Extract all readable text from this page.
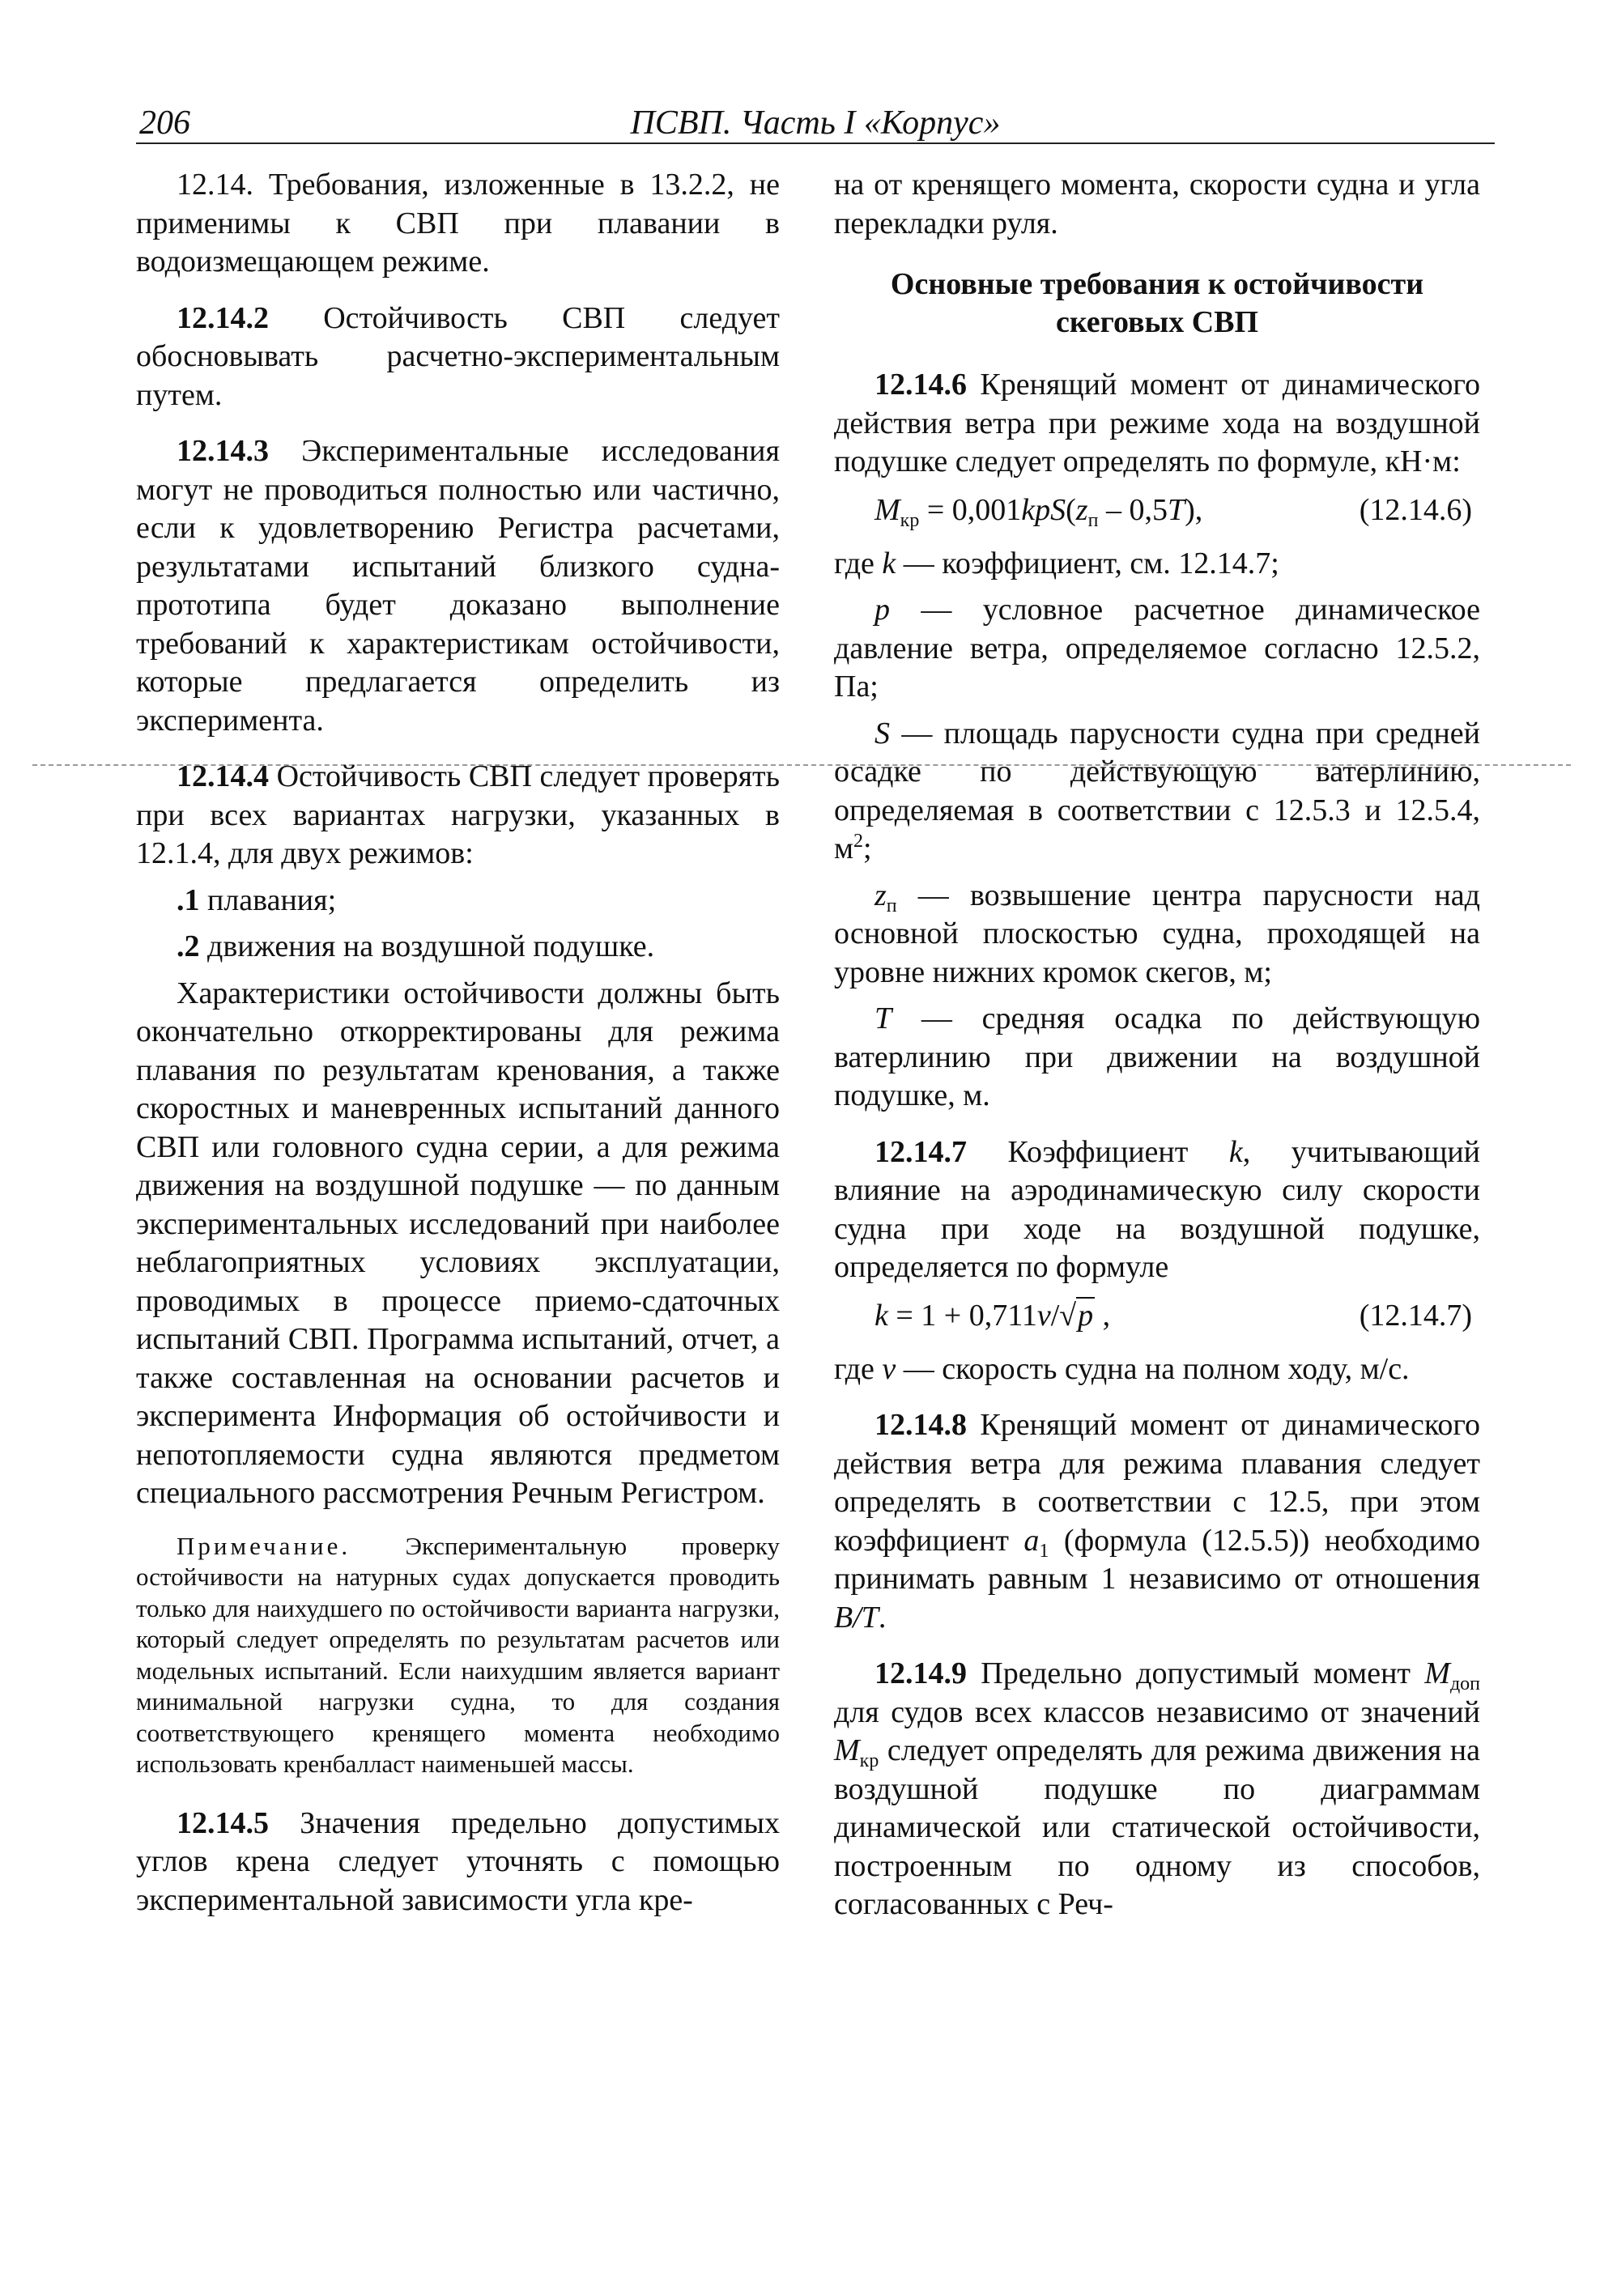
206	ПСВП. Часть I «Корпус»

12.14. Требования, изложенные в 13.2.2, не применимы к СВП при плавании в водоизмещающем режиме.

12.14.2 Остойчивость СВП следует обосновывать расчетно-экспериментальным путем.

12.14.3 Экспериментальные исследования могут не проводиться полностью или частично, если к удовлетворению Регистра расчетами, результатами испытаний близкого судна-прототипа будет доказано выполнение требований к характеристикам остойчивости, которые предлагается определить из эксперимента.

12.14.4 Остойчивость СВП следует проверять при всех вариантах нагрузки, указанных в 12.1.4, для двух режимов:

.1 плавания;

.2 движения на воздушной подушке.

Характеристики остойчивости должны быть окончательно откорректированы для режима плавания по результатам кренования, а также скоростных и маневренных испытаний данного СВП или головного судна серии, а для режима движения на воздушной подушке — по данным экспериментальных исследований при наиболее неблагоприятных условиях эксплуатации, проводимых в процессе приемо-сдаточных испытаний СВП. Программа испытаний, отчет, а также составленная на основании расчетов и эксперимента Информация об остойчивости и непотопляемости судна являются предметом специального рассмотрения Речным Регистром.

Примечание. Экспериментальную проверку остойчивости на натурных судах допускается проводить только для наихудшего по остойчивости варианта нагрузки, который следует определять по результатам расчетов или модельных испытаний. Если наихудшим является вариант минимальной нагрузки судна, то для создания соответствующего кренящего момента необходимо использовать кренбалласт наименьшей массы.

12.14.5 Значения предельно допустимых углов крена следует уточнять с помощью экспериментальной зависимости угла кре-

на от кренящего момента, скорости судна и угла перекладки руля.

Основные требования к остойчивости скеговых СВП

12.14.6 Кренящий момент от динамического действия ветра при режиме хода на воздушной подушке следует определять по формуле, кН·м:

$M_{кр} = 0,001kpS(z_п - 0,5T)$,	(12.14.6)

где k — коэффициент, см. 12.14.7;

p — условное расчетное динамическое давление ветра, определяемое согласно 12.5.2, Па;

S — площадь парусности судна при средней осадке по действующую ватерлинию, определяемая в соответствии с 12.5.3 и 12.5.4, $м^2$;

$z_п$ — возвышение центра парусности над основной плоскостью судна, проходящей на уровне нижних кромок скегов, м;

T — средняя осадка по действующую ватерлинию при движении на воздушной подушке, м.

12.14.7 Коэффициент k, учитывающий влияние на аэродинамическую силу скорости судна при ходе на воздушной подушке, определяется по формуле

k = 1 + 0,711v/√p ,	(12.14.7)

где v — скорость судна на полном ходу, м/с.

12.14.8 Кренящий момент от динамического действия ветра для режима плавания следует определять в соответствии с 12.5, при этом коэффициент $a_1$ (формула (12.5.5)) необходимо принимать равным 1 независимо от отношения B/T.

12.14.9 Предельно допустимый момент $M_{доп}$ для судов всех классов независимо от значений $M_{кр}$ следует определять для режима движения на воздушной подушке по диаграммам динамической или статической остойчивости, построенным по одному из способов, согласованных с Реч-
